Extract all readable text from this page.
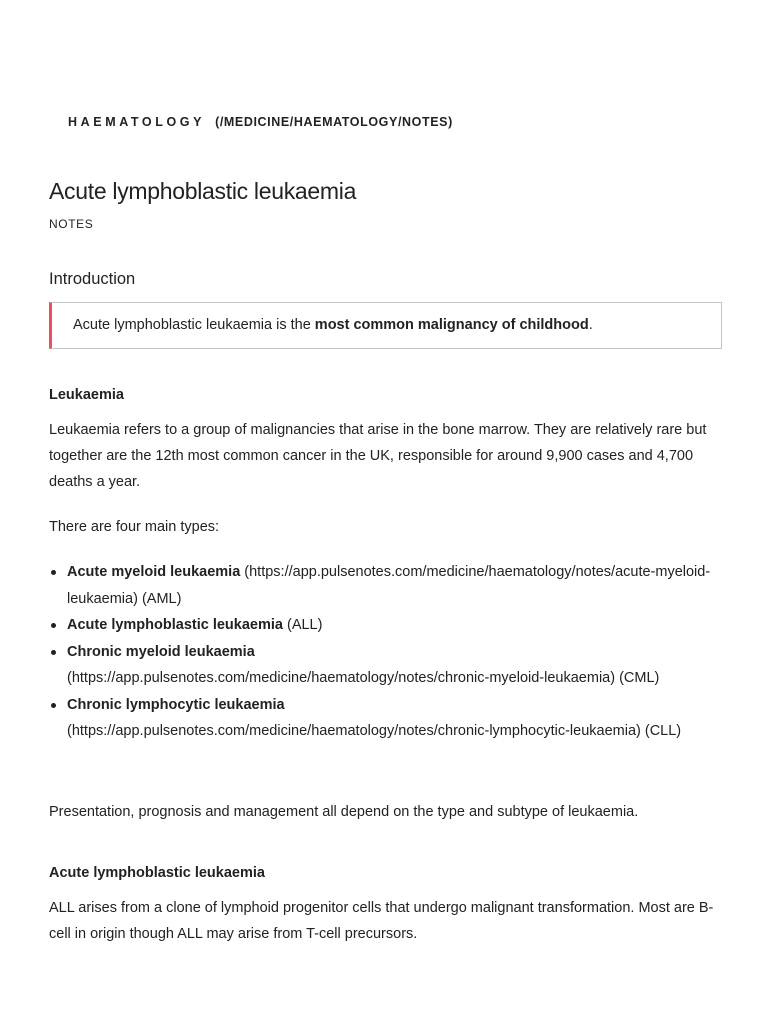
HAEMATOLOGY (/MEDICINE/HAEMATOLOGY/NOTES)
Acute lymphoblastic leukaemia
NOTES
Introduction

Acute lymphoblastic leukaemia is the most common malignancy of childhood.

Leukaemia

Leukaemia refers to a group of malignancies that arise in the bone marrow. They are relatively rare but together are the 12th most common cancer in the UK, responsible for around 9,900 cases and 4,700 deaths a year.

There are four main types:

Acute myeloid leukaemia (https://app.pulsenotes.com/medicine/haematology/notes/acute-myeloid-leukaemia) (AML)
Acute lymphoblastic leukaemia (ALL)
Chronic myeloid leukaemia
(https://app.pulsenotes.com/medicine/haematology/notes/chronic-myeloid-leukaemia) (CML)
Chronic lymphocytic leukaemia
(https://app.pulsenotes.com/medicine/haematology/notes/chronic-lymphocytic-leukaemia) (CLL)

Presentation, prognosis and management all depend on the type and subtype of leukaemia.

Acute lymphoblastic leukaemia

ALL arises from a clone of lymphoid progenitor cells that undergo malignant transformation. Most are B-cell in origin though ALL may arise from T-cell precursors.
